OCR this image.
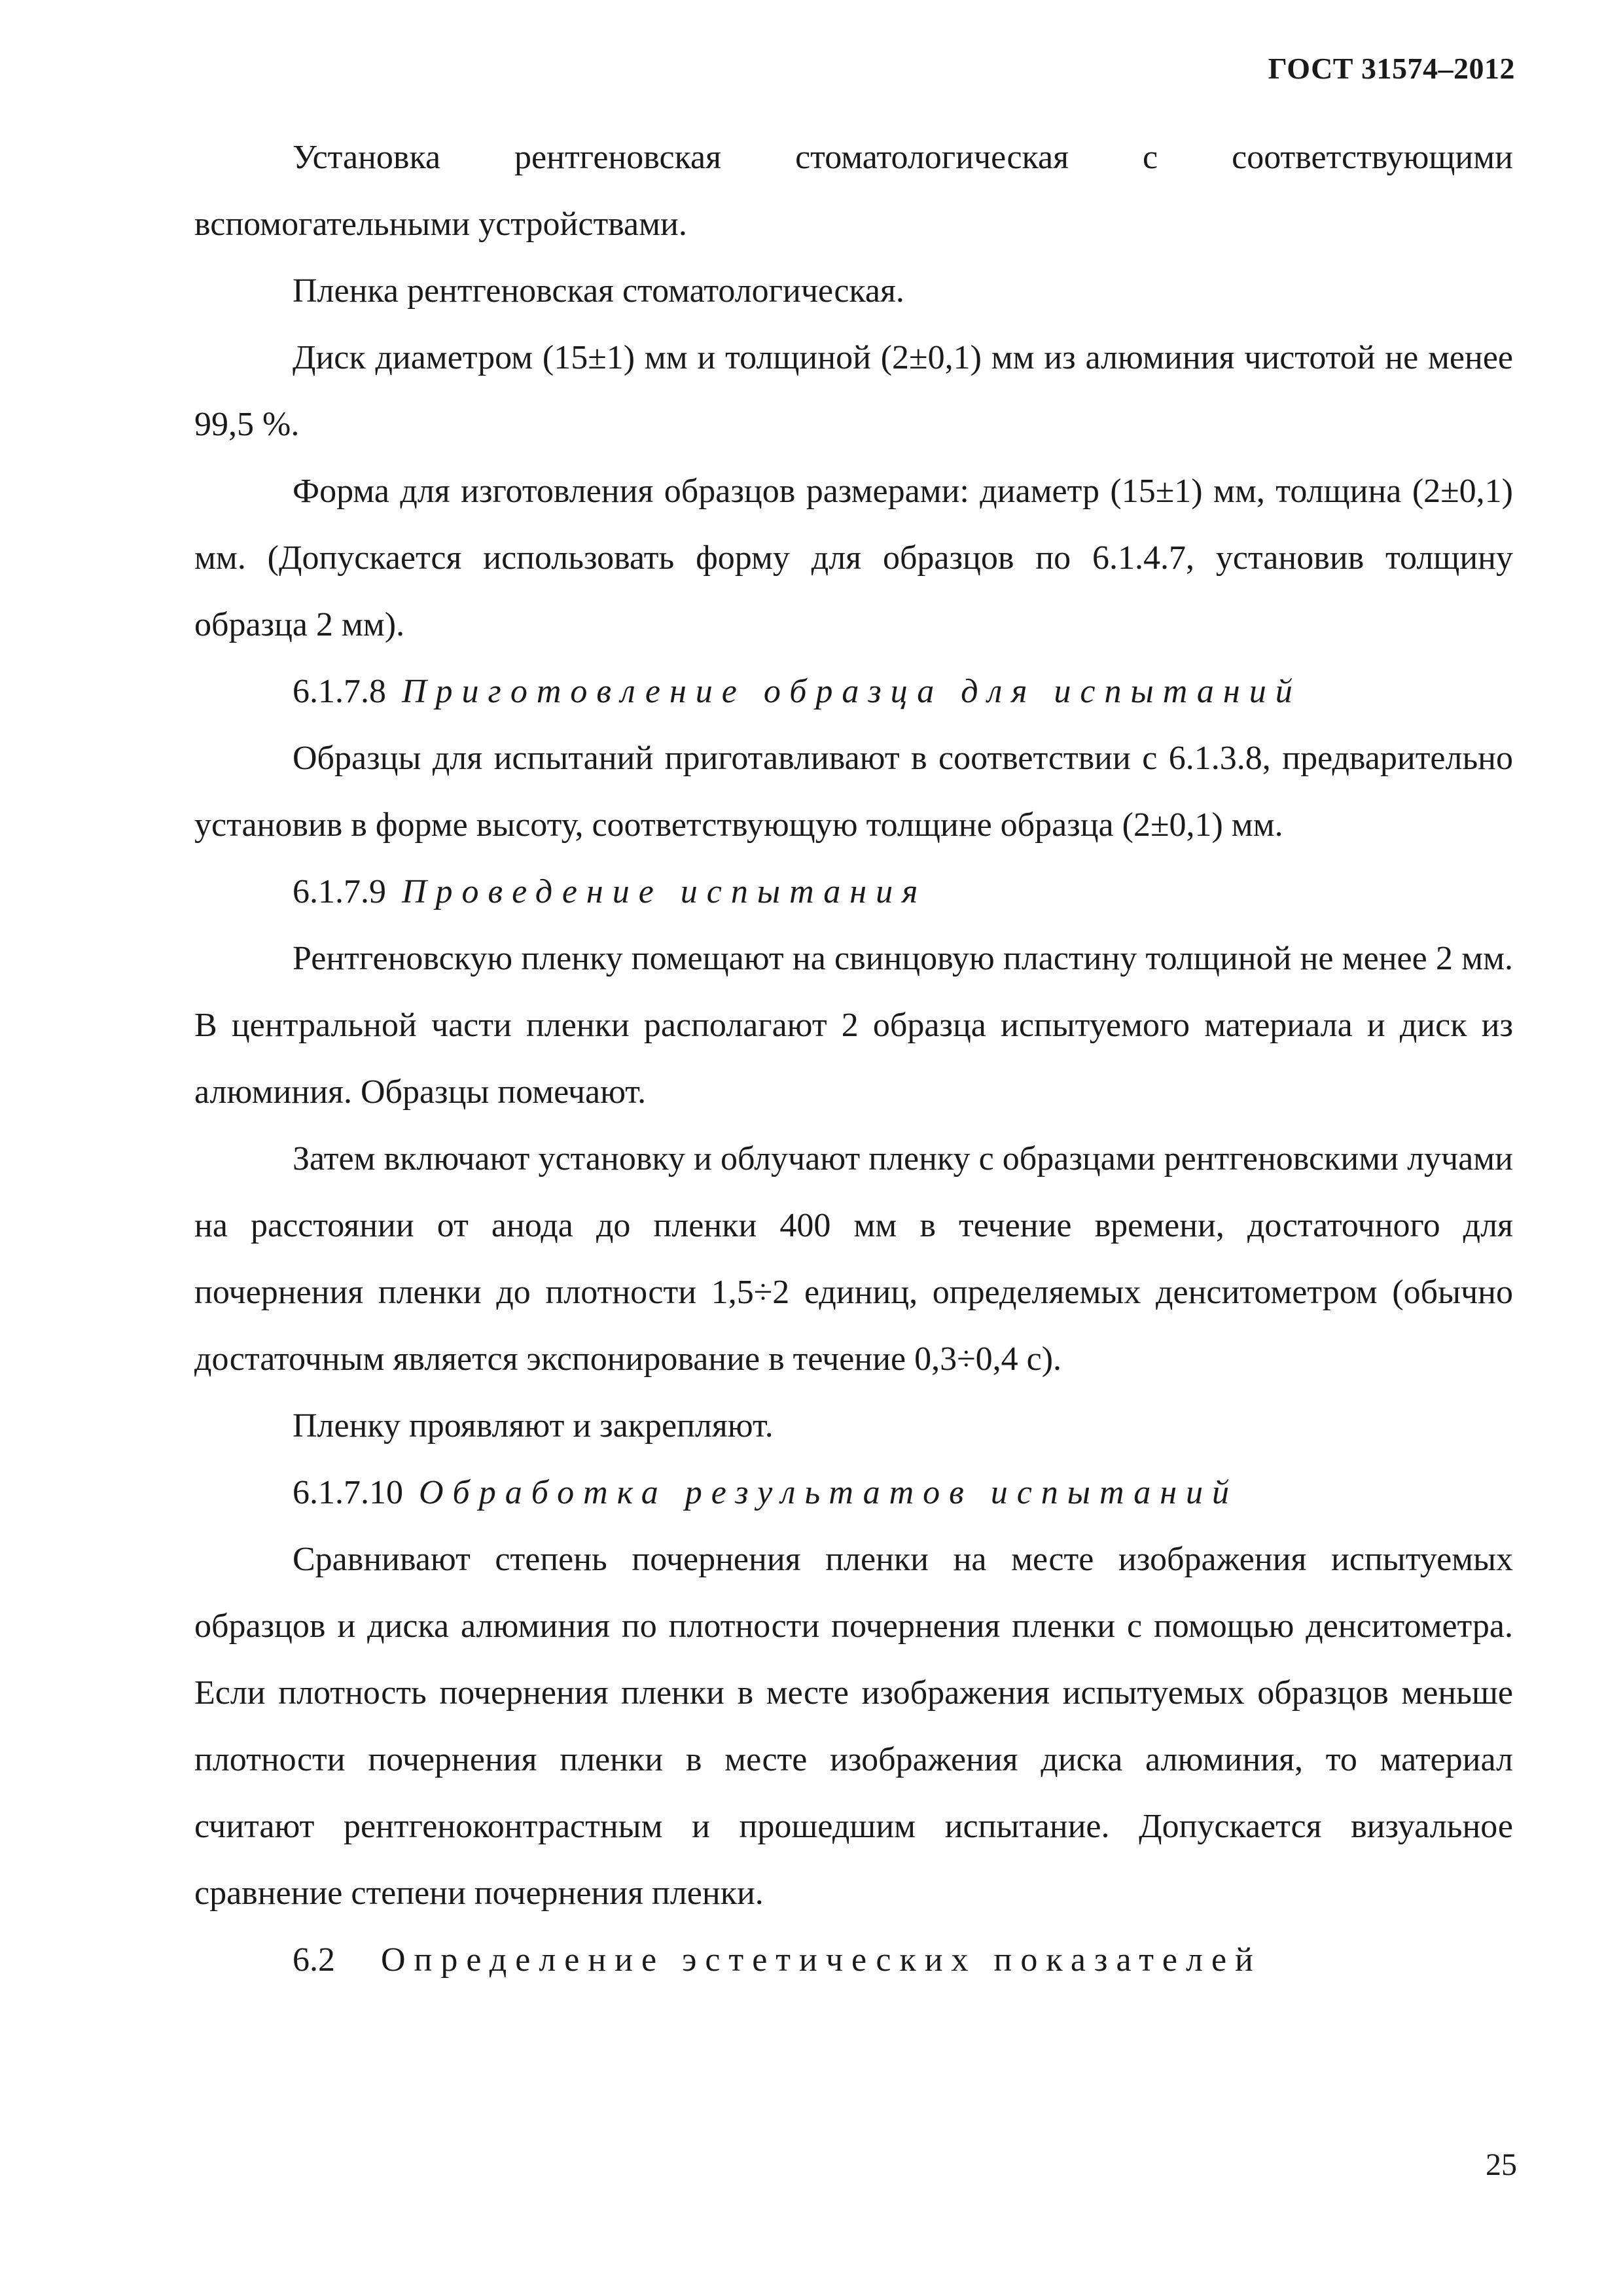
ГОСТ 31574–2012

Установка рентгеновская стоматологическая с соответствующими вспомогательными устройствами.

Пленка рентгеновская стоматологическая.

Диск диаметром (15±1) мм и толщиной (2±0,1) мм из алюминия чистотой не менее 99,5 %.

Форма для изготовления образцов размерами: диаметр (15±1) мм, толщина (2±0,1) мм. (Допускается использовать форму для образцов по 6.1.4.7, установив толщину образца 2 мм).

6.1.7.8 Приготовление образца для испытаний

Образцы для испытаний приготавливают в соответствии с 6.1.3.8, предварительно установив в форме высоту, соответствующую толщине образца (2±0,1) мм.

6.1.7.9 Проведение испытания

Рентгеновскую пленку помещают на свинцовую пластину толщиной не менее 2 мм. В центральной части пленки располагают 2 образца испытуемого материала и диск из алюминия. Образцы помечают.

Затем включают установку и облучают пленку с образцами рентгеновскими лучами на расстоянии от анода до пленки 400 мм в течение времени, достаточного для почернения пленки до плотности 1,5÷2 единиц, определяемых денситометром (обычно достаточным является экспонирование в течение 0,3÷0,4 с).

Пленку проявляют и закрепляют.

6.1.7.10 Обработка результатов испытаний

Сравнивают степень почернения пленки на месте изображения испытуемых образцов и диска алюминия по плотности почернения пленки с помощью денситометра. Если плотность почернения пленки в месте изображения испытуемых образцов меньше плотности почернения пленки в месте изображения диска алюминия, то материал считают рентгеноконтрастным и прошедшим испытание. Допускается визуальное сравнение степени почернения пленки.

6.2 Определение эстетических показателей

25
